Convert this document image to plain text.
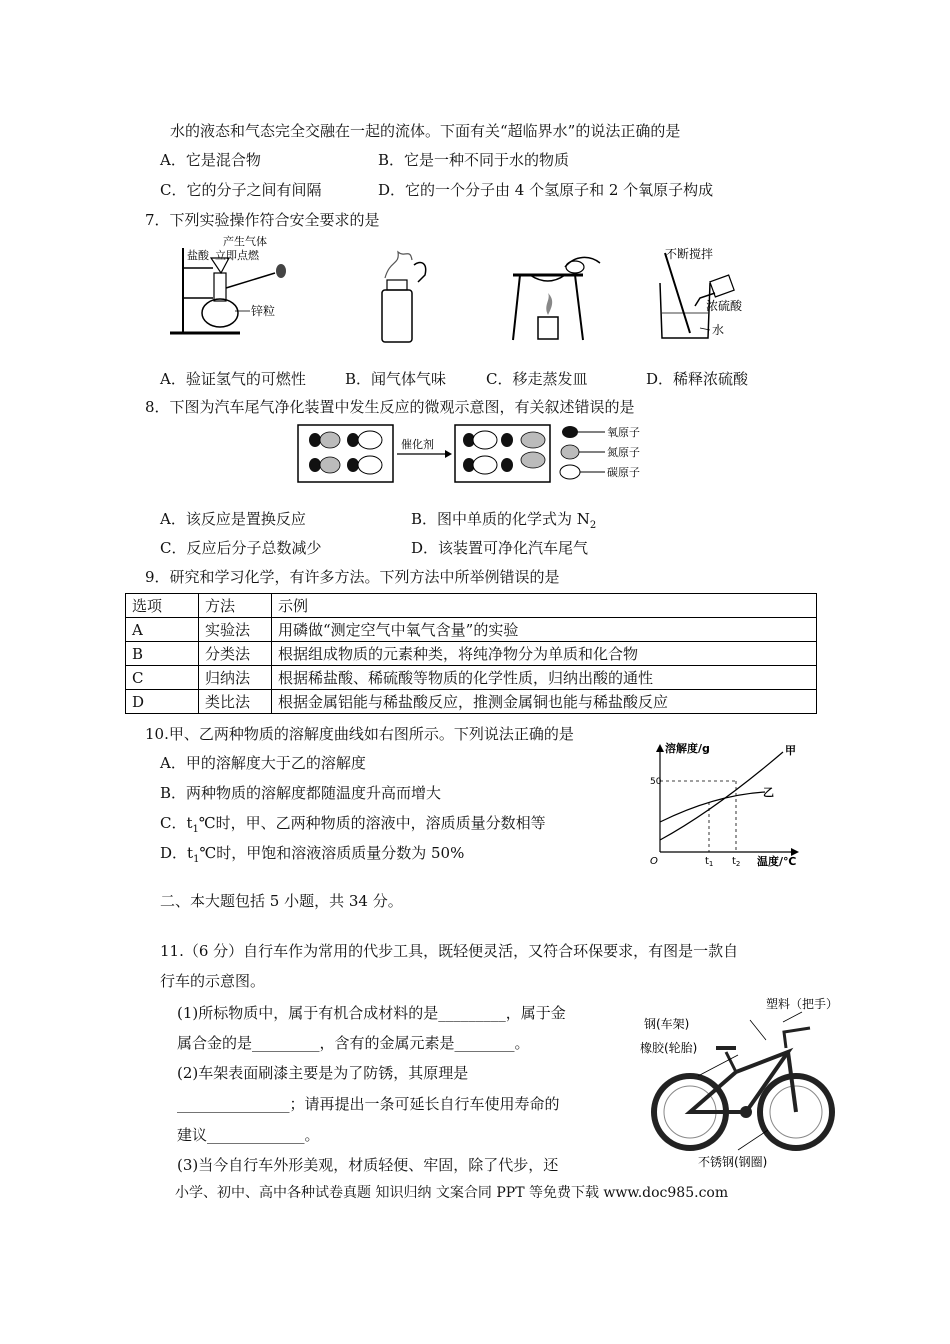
水的液态和气态完全交融在一起的流体。下面有关“超临界水”的说法正确的是
A．它是混合物	B．它是一种不同于水的物质
C．它的分子之间有间隔	D．它的一个分子由 4 个氢原子和 2 个氧原子构成
7．下列实验操作符合安全要求的是
产生气体
盐酸 立即点燃
锌粒
不断搅拌
浓硫酸
水
A．验证氢气的可燃性	B．闻气体气味	C．移走蒸发皿	D．稀释浓硫酸
8．下图为汽车尾气净化装置中发生反应的微观示意图，有关叙述错误的是
催化剂
氧原子
氮原子
碳原子
A．该反应是置换反应	B．图中单质的化学式为 $N_2$
C．反应后分子总数减少	D．该装置可净化汽车尾气
9．研究和学习化学，有许多方法。下列方法中所举例错误的是
选项	方法	示例
A	实验法	用磷做“测定空气中氧气含量”的实验
B	分类法	根据组成物质的元素种类，将纯净物分为单质和化合物
C	归纳法	根据稀盐酸、稀硫酸等物质的化学性质，归纳出酸的通性
D	类比法	根据金属铝能与稀盐酸反应，推测金属铜也能与稀盐酸反应
10.甲、乙两种物质的溶解度曲线如右图所示。下列说法正确的是
A．甲的溶解度大于乙的溶解度
B．两种物质的溶解度都随温度升高而增大
C．$t_1℃$时，甲、乙两种物质的溶液中，溶质质量分数相等
D．$t_1℃$时，甲饱和溶液溶质质量分数为 50%
溶解度/g
温度/℃
50
O	$t_1$ $t_2$
甲
乙
二、本大题包括 5 小题，共 34 分。
11.（6 分）自行车作为常用的代步工具，既轻便灵活，又符合环保要求，有图是一款自
行车的示意图。
(1)所标物质中，属于有机合成材料的是_________，属于金
属合金的是_________，含有的金属元素是________。
(2)车架表面刷漆主要是为了防锈，其原理是
_______________；请再提出一条可延长自行车使用寿命的
建议_____________。
(3)当今自行车外形美观，材质轻便、牢固，除了代步，还
塑料（把手）
钢(车架)
橡胶(轮胎)
不锈钢(钢圈)
小学、初中、高中各种试卷真题 知识归纳 文案合同 PPT 等免费下载 www.doc985.com
